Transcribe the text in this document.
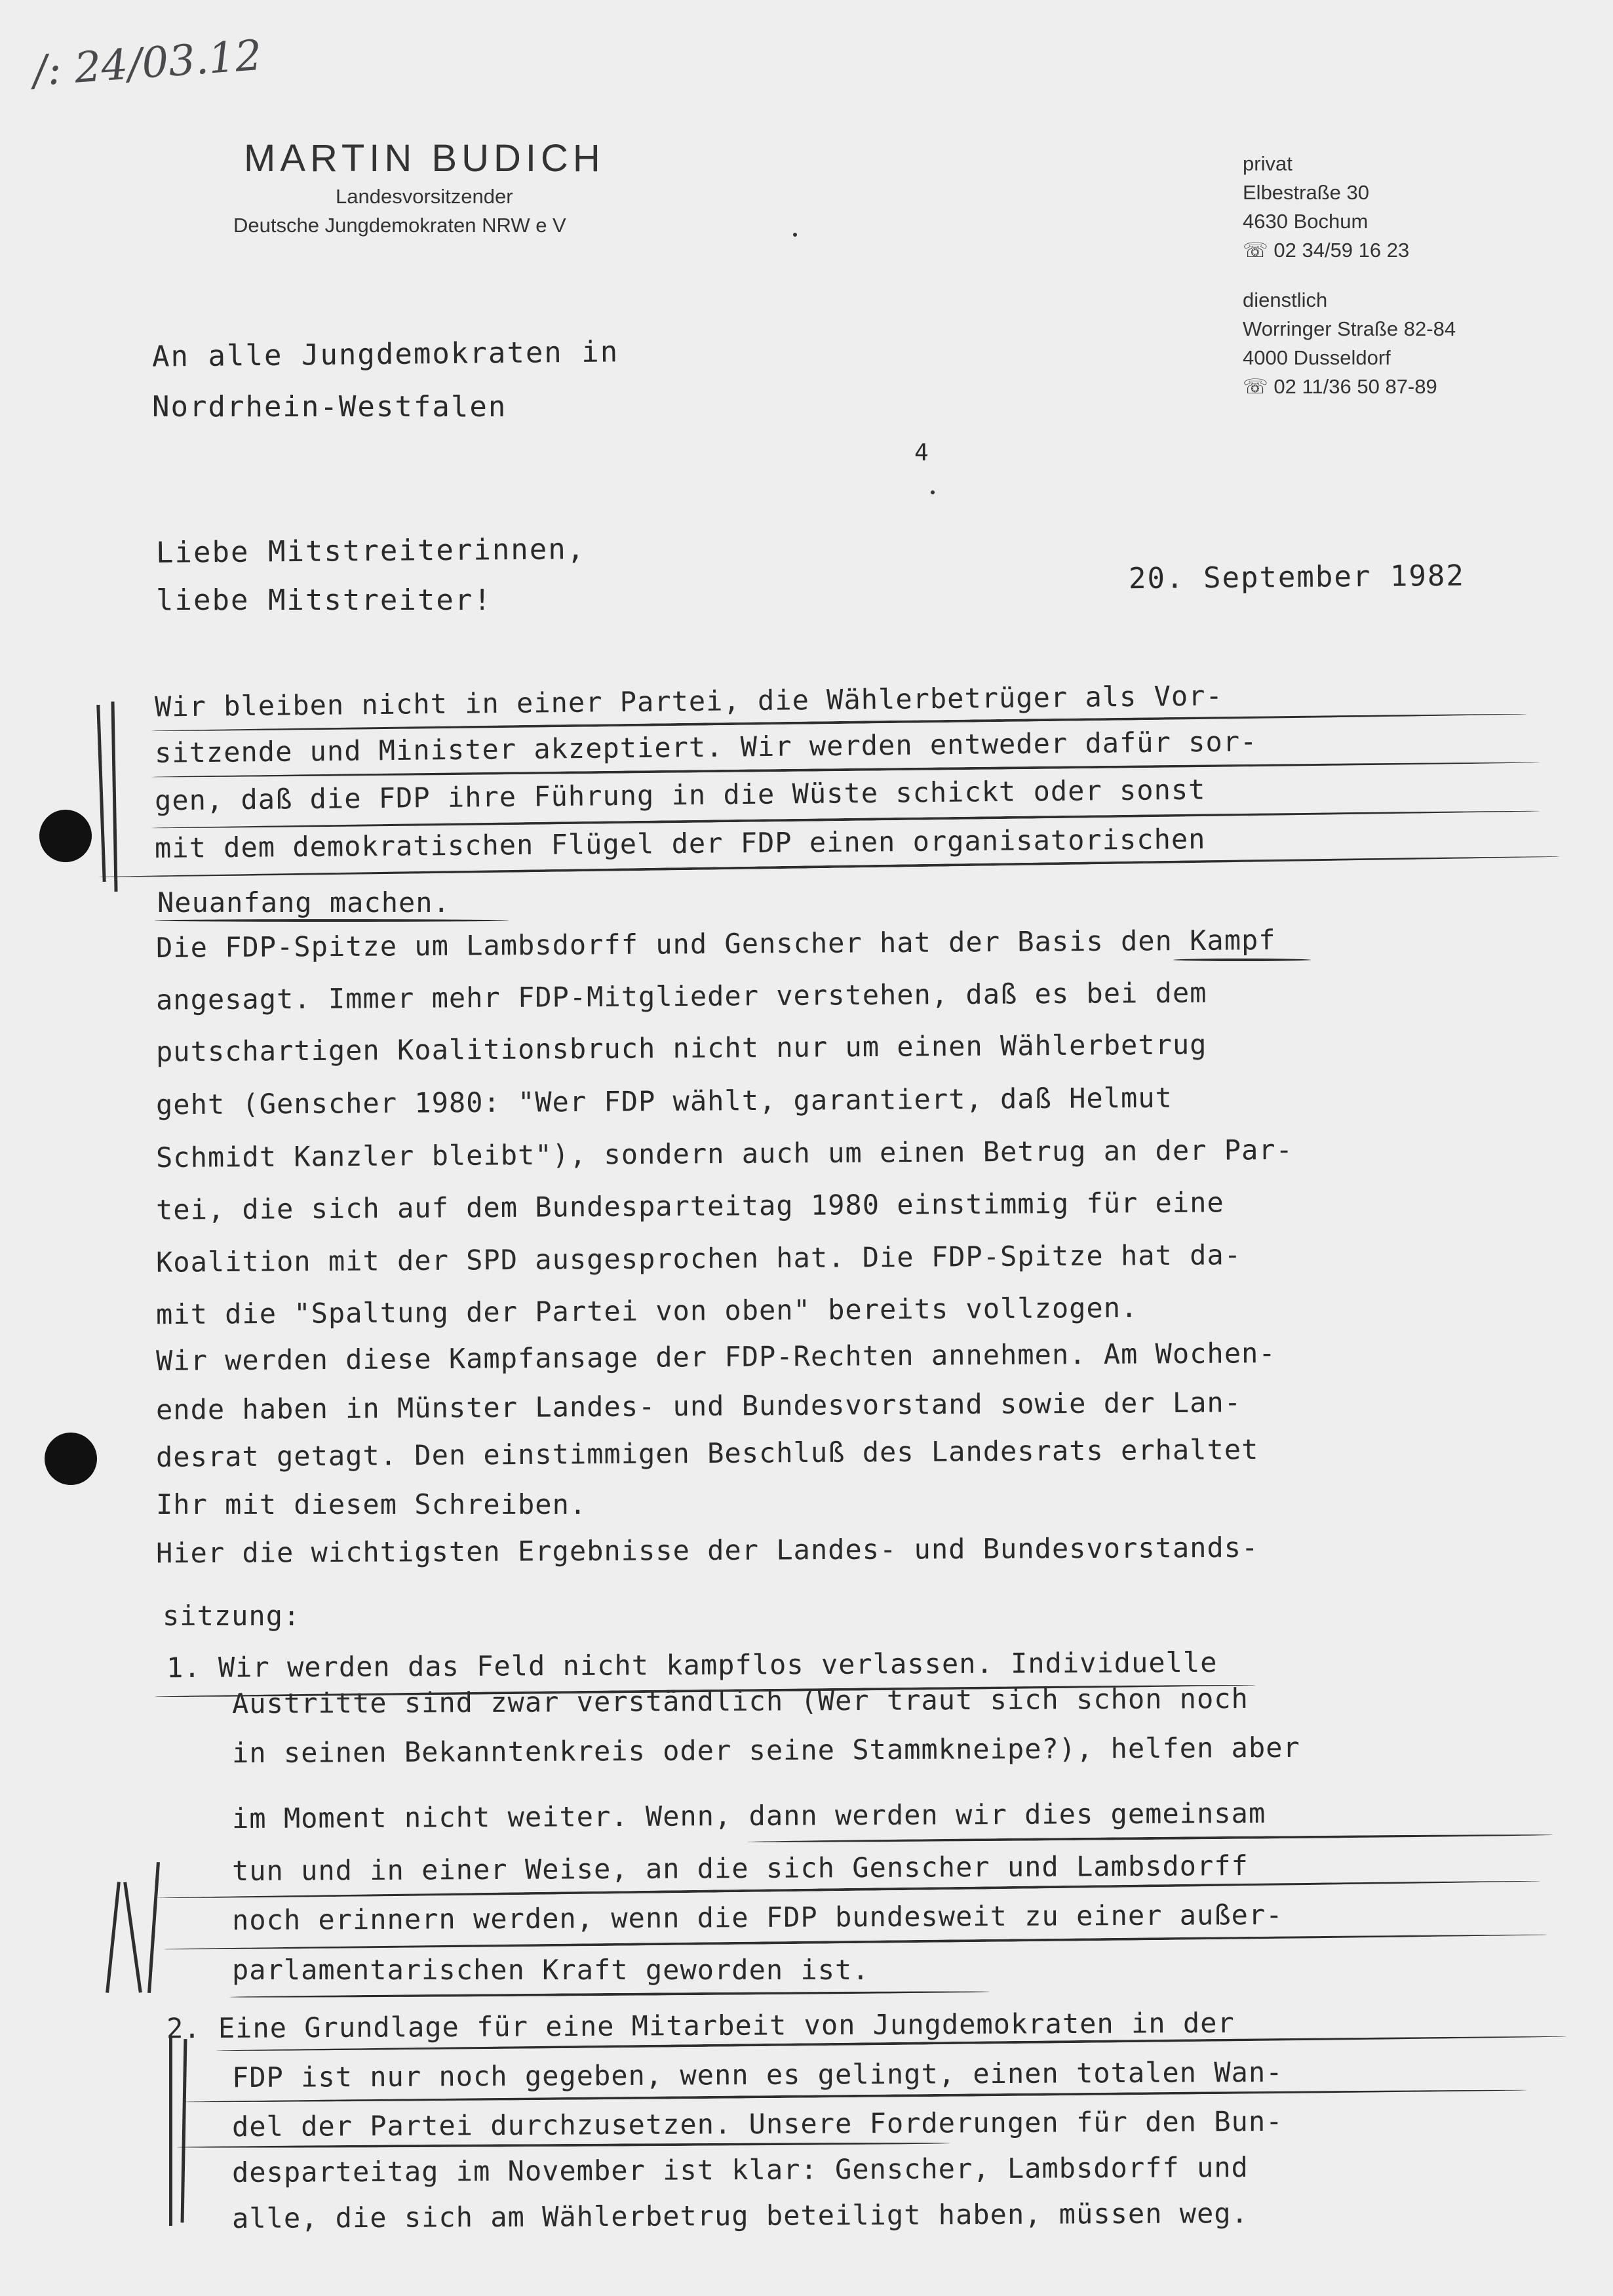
/: 24/03.12
MARTIN BUDICH
Landesvorsitzender
Deutsche Jungdemokraten NRW e V
privat
Elbestraße 30
4630 Bochum
☏ 02 34/59 16 23
dienstlich
Worringer Straße 82-84
4000 Dusseldorf
☏ 02 11/36 50 87-89
An alle Jungdemokraten in
Nordrhein-Westfalen
4
Liebe Mitstreiterinnen,
liebe Mitstreiter!
20. September 1982
Wir bleiben nicht in einer Partei, die Wählerbetrüger als Vor-
sitzende und Minister akzeptiert. Wir werden entweder dafür sor-
gen, daß die FDP ihre Führung in die Wüste schickt oder sonst
mit dem demokratischen Flügel der FDP einen organisatorischen
Neuanfang machen.
Die FDP-Spitze um Lambsdorff und Genscher hat der Basis den Kampf
angesagt. Immer mehr FDP-Mitglieder verstehen, daß es bei dem
putschartigen Koalitionsbruch nicht nur um einen Wählerbetrug
geht (Genscher 1980: "Wer FDP wählt, garantiert, daß Helmut
Schmidt Kanzler bleibt"), sondern auch um einen Betrug an der Par-
tei, die sich auf dem Bundesparteitag 1980 einstimmig für eine
Koalition mit der SPD ausgesprochen hat. Die FDP-Spitze hat da-
mit die "Spaltung der Partei von oben" bereits vollzogen.
Wir werden diese Kampfansage der FDP-Rechten annehmen. Am Wochen-
ende haben in Münster Landes- und Bundesvorstand sowie der Lan-
desrat getagt. Den einstimmigen Beschluß des Landesrats erhaltet
Ihr mit diesem Schreiben.
Hier die wichtigsten Ergebnisse der Landes- und Bundesvorstands-
sitzung:
1. Wir werden das Feld nicht kampflos verlassen. Individuelle
Austritte sind zwar verständlich (Wer traut sich schon noch
in seinen Bekanntenkreis oder seine Stammkneipe?), helfen aber
im Moment nicht weiter. Wenn, dann werden wir dies gemeinsam
tun und in einer Weise, an die sich Genscher und Lambsdorff
noch erinnern werden, wenn die FDP bundesweit zu einer außer-
parlamentarischen Kraft geworden ist.
2. Eine Grundlage für eine Mitarbeit von Jungdemokraten in der
FDP ist nur noch gegeben, wenn es gelingt, einen totalen Wan-
del der Partei durchzusetzen. Unsere Forderungen für den Bun-
desparteitag im November ist klar: Genscher, Lambsdorff und
alle, die sich am Wählerbetrug beteiligt haben, müssen weg.
